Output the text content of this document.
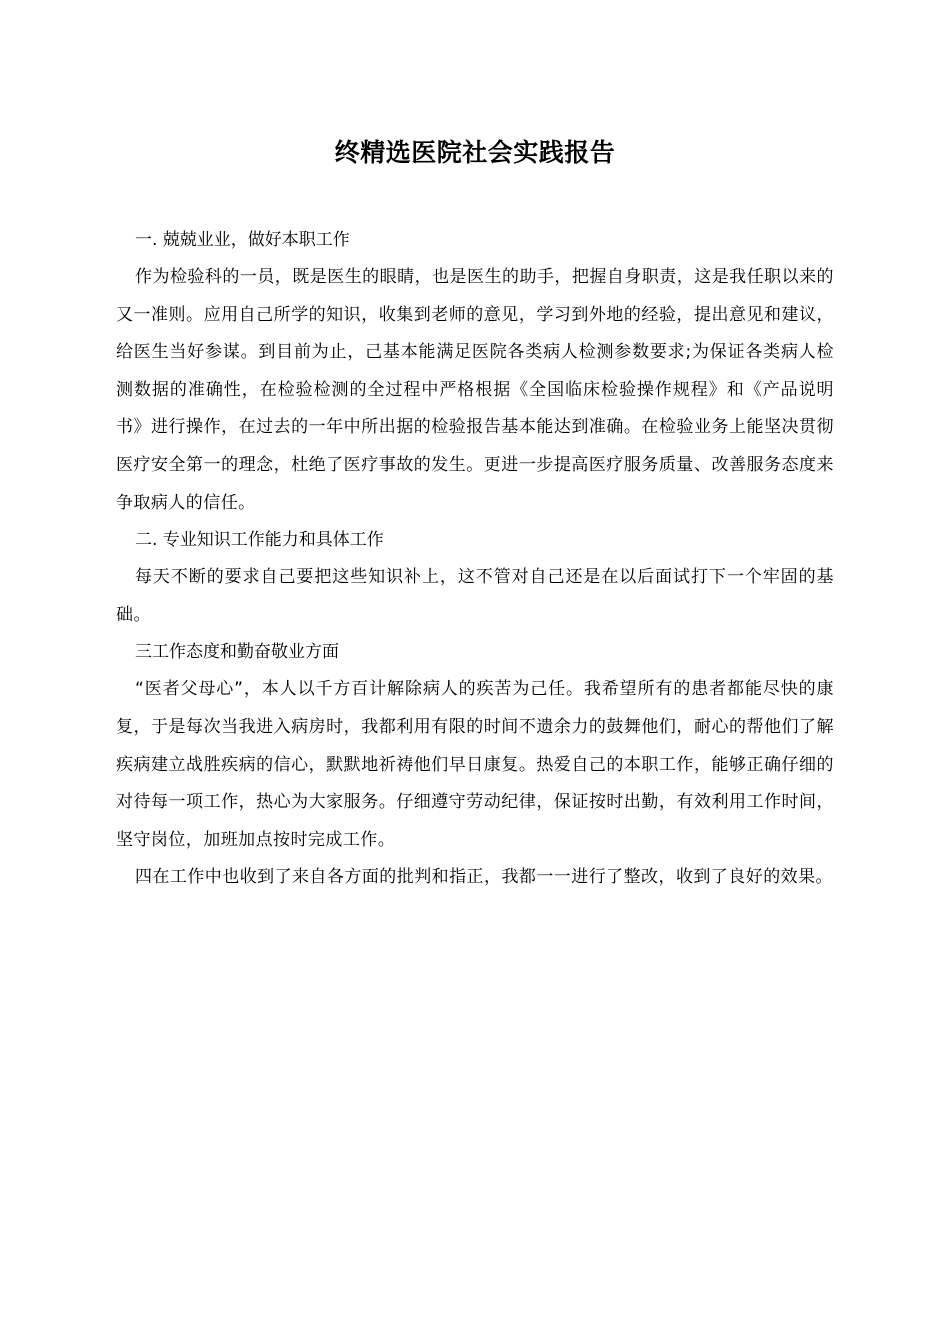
终精选医院社会实践报告

一. 兢兢业业，做好本职工作

作为检验科的一员，既是医生的眼睛，也是医生的助手，把握自身职责，这是我任职以来的又一准则。应用自己所学的知识，收集到老师的意见，学习到外地的经验，提出意见和建议，给医生当好参谋。到目前为止，己基本能满足医院各类病人检测参数要求;为保证各类病人检测数据的准确性，在检验检测的全过程中严格根据《全国临床检验操作规程》和《产品说明书》进行操作，在过去的一年中所出据的检验报告基本能达到准确。在检验业务上能坚决贯彻医疗安全第一的理念，杜绝了医疗事故的发生。更进一步提高医疗服务质量、改善服务态度来争取病人的信任。

二. 专业知识工作能力和具体工作

每天不断的要求自己要把这些知识补上，这不管对自己还是在以后面试打下一个牢固的基础。

三工作态度和勤奋敬业方面

“医者父母心”，本人以千方百计解除病人的疾苦为己任。我希望所有的患者都能尽快的康复，于是每次当我进入病房时，我都利用有限的时间不遗余力的鼓舞他们，耐心的帮他们了解疾病建立战胜疾病的信心，默默地祈祷他们早日康复。热爱自己的本职工作，能够正确仔细的对待每一项工作，热心为大家服务。仔细遵守劳动纪律，保证按时出勤，有效利用工作时间，坚守岗位，加班加点按时完成工作。

四在工作中也收到了来自各方面的批判和指正，我都一一进行了整改，收到了良好的效果。
